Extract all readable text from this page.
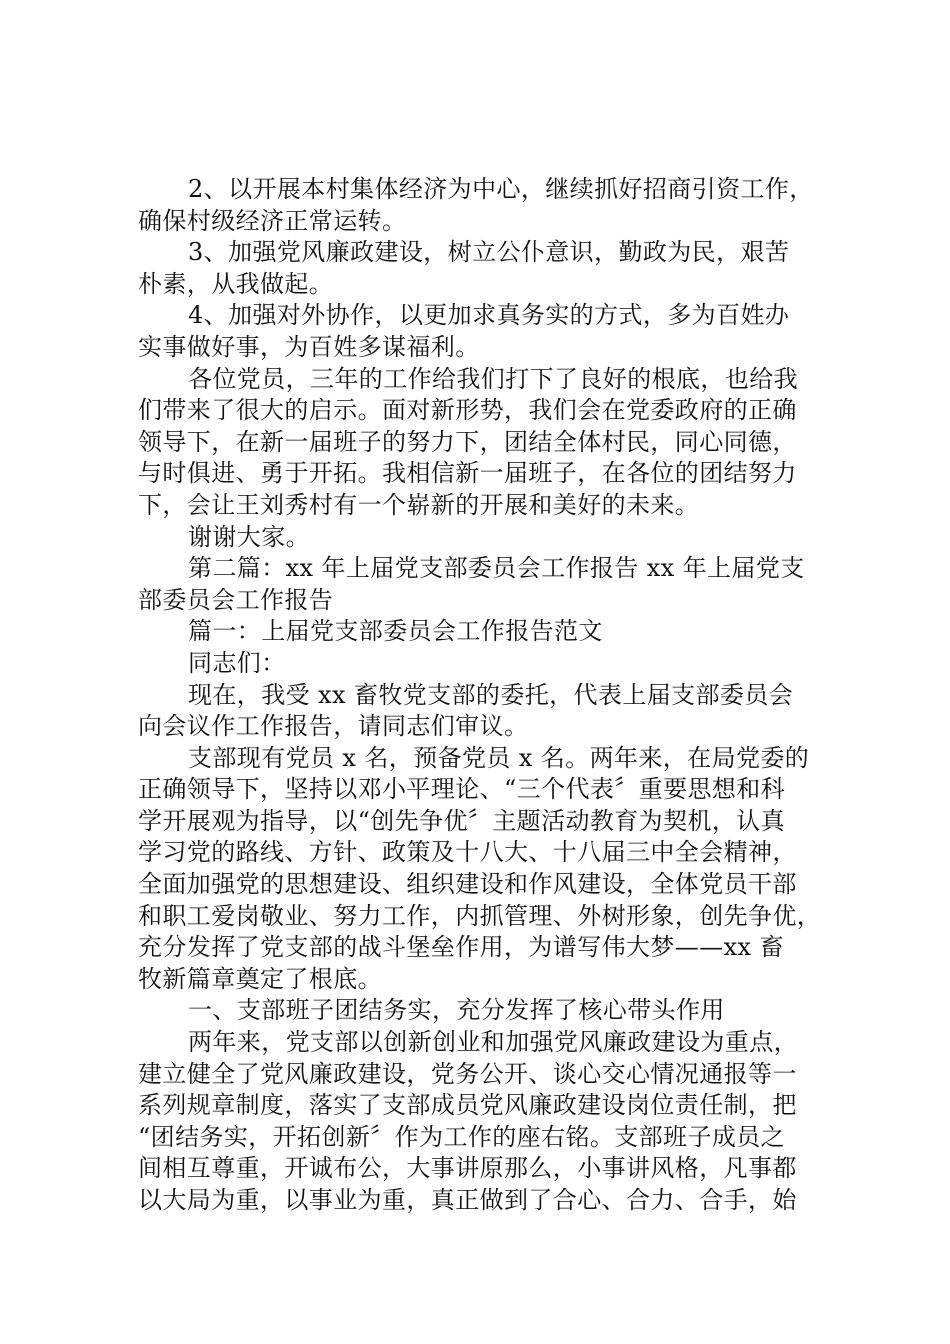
2、以开展本村集体经济为中心，继续抓好招商引资工作，
确保村级经济正常运转。
3、加强党风廉政建设，树立公仆意识，勤政为民，艰苦
朴素，从我做起。
4、加强对外协作，以更加求真务实的方式，多为百姓办
实事做好事，为百姓多谋福利。
各位党员，三年的工作给我们打下了良好的根底，也给我
们带来了很大的启示。面对新形势，我们会在党委政府的正确
领导下，在新一届班子的努力下，团结全体村民，同心同德，
与时俱进、勇于开拓。我相信新一届班子，在各位的团结努力
下，会让王刘秀村有一个崭新的开展和美好的未来。
谢谢大家。
第二篇：xx 年上届党支部委员会工作报告 xx 年上届党支
部委员会工作报告
篇一：上届党支部委员会工作报告范文
同志们：
现在，我受 xx 畜牧党支部的委托，代表上届支部委员会
向会议作工作报告，请同志们审议。
支部现有党员 x 名，预备党员 x 名。两年来，在局党委的
正确领导下，坚持以邓小平理论、“三个代表〞重要思想和科
学开展观为指导，以“创先争优〞主题活动教育为契机，认真
学习党的路线、方针、政策及十八大、十八届三中全会精神，
全面加强党的思想建设、组织建设和作风建设，全体党员干部
和职工爱岗敬业、努力工作，内抓管理、外树形象，创先争优，
充分发挥了党支部的战斗堡垒作用，为谱写伟大梦——xx 畜
牧新篇章奠定了根底。
一、支部班子团结务实，充分发挥了核心带头作用
两年来，党支部以创新创业和加强党风廉政建设为重点，
建立健全了党风廉政建设，党务公开、谈心交心情况通报等一
系列规章制度，落实了支部成员党风廉政建设岗位责任制，把
“团结务实，开拓创新〞作为工作的座右铭。支部班子成员之
间相互尊重，开诚布公，大事讲原那么，小事讲风格，凡事都
以大局为重，以事业为重，真正做到了合心、合力、合手，始
